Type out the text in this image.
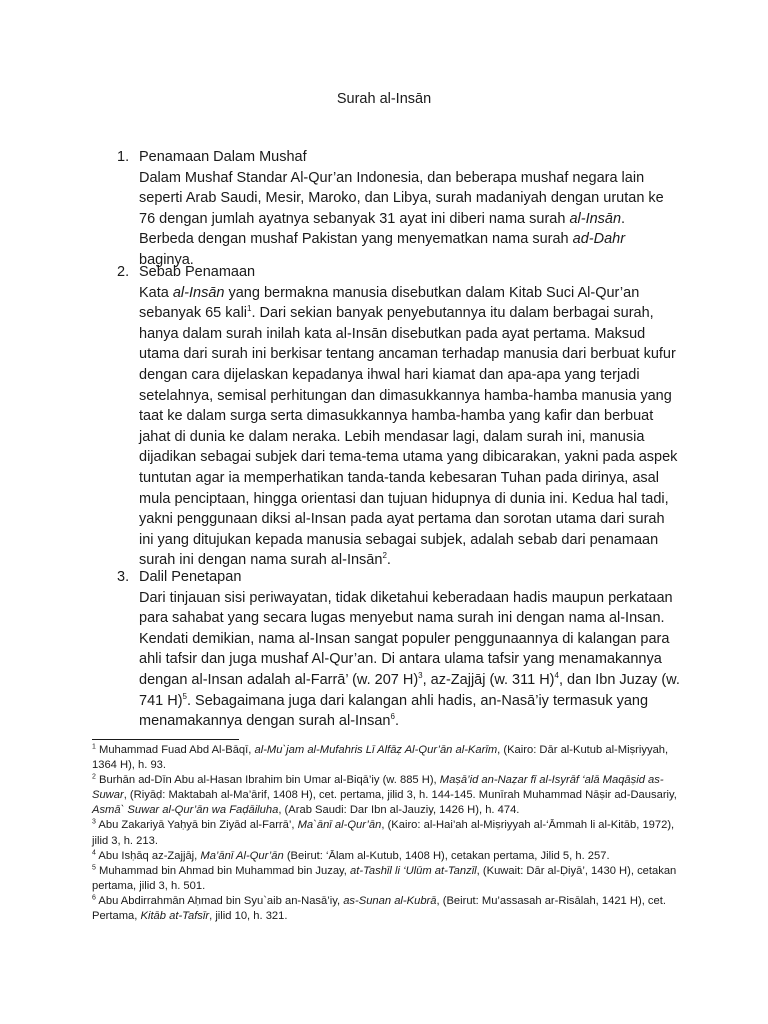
Surah al-Insān
1. Penamaan Dalam Mushaf
Dalam Mushaf Standar Al-Qur’an Indonesia, dan beberapa mushaf negara lain seperti Arab Saudi, Mesir, Maroko, dan Libya, surah madaniyah dengan urutan ke 76 dengan jumlah ayatnya sebanyak 31 ayat ini diberi nama surah al-Insān. Berbeda dengan mushaf Pakistan yang menyematkan nama surah ad-Dahr baginya.
2. Sebab Penamaan
Kata al-Insān yang bermakna manusia disebutkan dalam Kitab Suci Al-Qur’an sebanyak 65 kali$^1$. Dari sekian banyak penyebutannya itu dalam berbagai surah, hanya dalam surah inilah kata al-Insān disebutkan pada ayat pertama. Maksud utama dari surah ini berkisar tentang ancaman terhadap manusia dari berbuat kufur dengan cara dijelaskan kepadanya ihwal hari kiamat dan apa-apa yang terjadi setelahnya, semisal perhitungan dan dimasukkannya hamba-hamba manusia yang taat ke dalam surga serta dimasukkannya hamba-hamba yang kafir dan berbuat jahat di dunia ke dalam neraka. Lebih mendasar lagi, dalam surah ini, manusia dijadikan sebagai subjek dari tema-tema utama yang dibicarakan, yakni pada aspek tuntutan agar ia memperhatikan tanda-tanda kebesaran Tuhan pada dirinya, asal mula penciptaan, hingga orientasi dan tujuan hidupnya di dunia ini. Kedua hal tadi, yakni penggunaan diksi al-Insan pada ayat pertama dan sorotan utama dari surah ini yang ditujukan kepada manusia sebagai subjek, adalah sebab dari penamaan surah ini dengan nama surah al-Insān$^2$.
3. Dalil Penetapan
Dari tinjauan sisi periwayatan, tidak diketahui keberadaan hadis maupun perkataan para sahabat yang secara lugas menyebut nama surah ini dengan nama al-Insan. Kendati demikian, nama al-Insan sangat populer penggunaannya di kalangan para ahli tafsir dan juga mushaf Al-Qur’an. Di antara ulama tafsir yang menamakannya dengan al-Insan adalah al-Farrā’ (w. 207 H)$^3$, az-Zajjāj (w. 311 H)$^4$, dan Ibn Juzay (w. 741 H)$^5$. Sebagaimana juga dari kalangan ahli hadis, an-Nasā’iy termasuk yang menamakannya dengan surah al-Insan$^6$.

$^1$ Muhammad Fuad Abd Al-Bāqī, al-Mu`jam al-Mufahris Lī Alfāẓ Al-Qur’ān al-Karīm, (Kairo: Dār al-Kutub al-Miṣriyyah, 1364 H), h. 93.

$^2$ Burhān ad-Dīn Abu al-Hasan Ibrahim bin Umar al-Biqā’iy (w. 885 H), Maṣā’id an-Naẓar fī al-Isyrāf ‘alā Maqāṣid as-Suwar, (Riyāḍ: Maktabah al-Ma’ārif, 1408 H), cet. pertama, jilid 3, h. 144-145. Munīrah Muhammad Nāṣir ad-Dausariy, Asmā` Suwar al-Qur’ān wa Faḍāiluha, (Arab Saudi: Dar Ibn al-Jauziy, 1426 H), h. 474.

$^3$ Abu Zakariyā Yaḥyā bin Ziyād al-Farrā’, Ma`ānī al-Qur’ān, (Kairo: al-Hai’ah al-Miṣriyyah al-‘Āmmah li al-Kitāb, 1972), jilid 3, h. 213.

$^4$ Abu Isḥāq az-Zajjāj, Ma’ānī Al-Qur’ān (Beirut: ‘Ālam al-Kutub, 1408 H), cetakan pertama, Jilid 5, h. 257.

$^5$ Muhammad bin Ahmad bin Muhammad bin Juzay, at-Tashīl li ‘Ulūm at-Tanzīl, (Kuwait: Dār al-Ḍiyā’, 1430 H), cetakan pertama, jilid 3, h. 501.

$^6$ Abu Abdirrahmān Aḥmad bin Syu`aib an-Nasā’iy, as-Sunan al-Kubrā, (Beirut: Mu’assasah ar-Risālah, 1421 H), cet. Pertama, Kitāb at-Tafsīr, jilid 10, h. 321.
